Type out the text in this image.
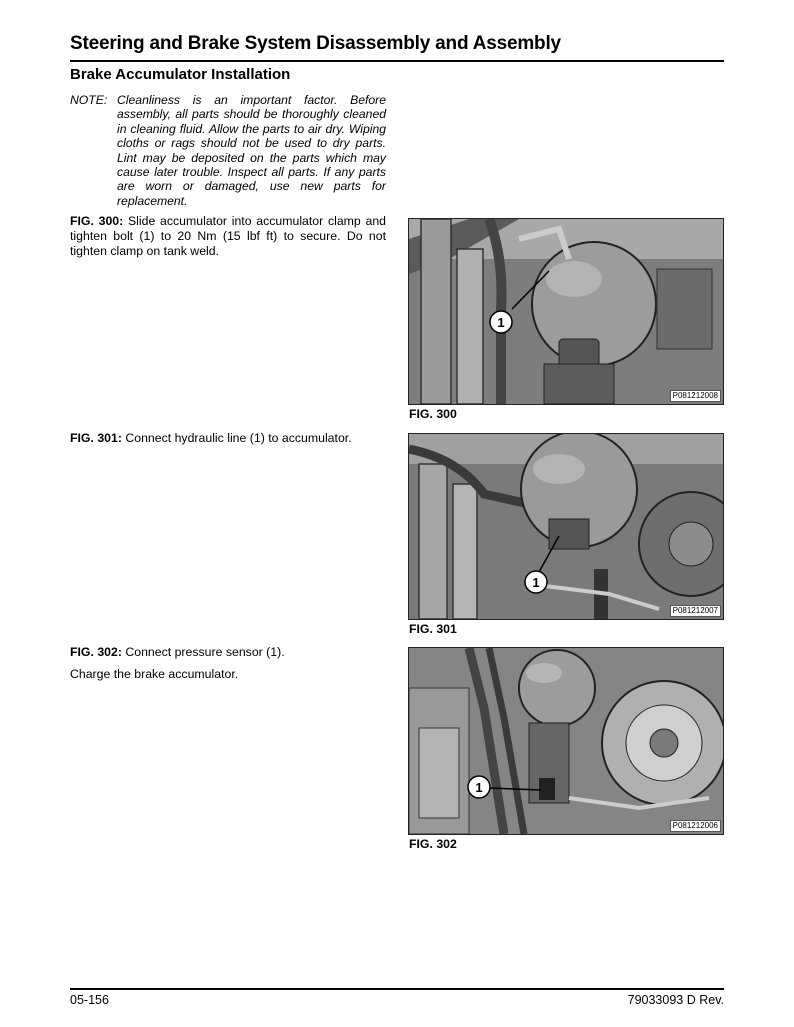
Steering and Brake System Disassembly and Assembly
Brake Accumulator Installation
NOTE: Cleanliness is an important factor. Before assembly, all parts should be thoroughly cleaned in cleaning fluid. Allow the parts to air dry. Wiping cloths or rags should not be used to dry parts. Lint may be deposited on the parts which may cause later trouble. Inspect all parts. If any parts are worn or damaged, use new parts for replacement.
FIG. 300: Slide accumulator into accumulator clamp and tighten bolt (1) to 20 Nm (15 lbf ft) to secure. Do not tighten clamp on tank weld.
FIG. 301: Connect hydraulic line (1) to accumulator.
FIG. 302: Connect pressure sensor (1).
Charge the brake accumulator.
1
P081212008
FIG. 300
1
P081212007
FIG. 301
1
P081212006
FIG. 302
05-156	79033093 D Rev.
